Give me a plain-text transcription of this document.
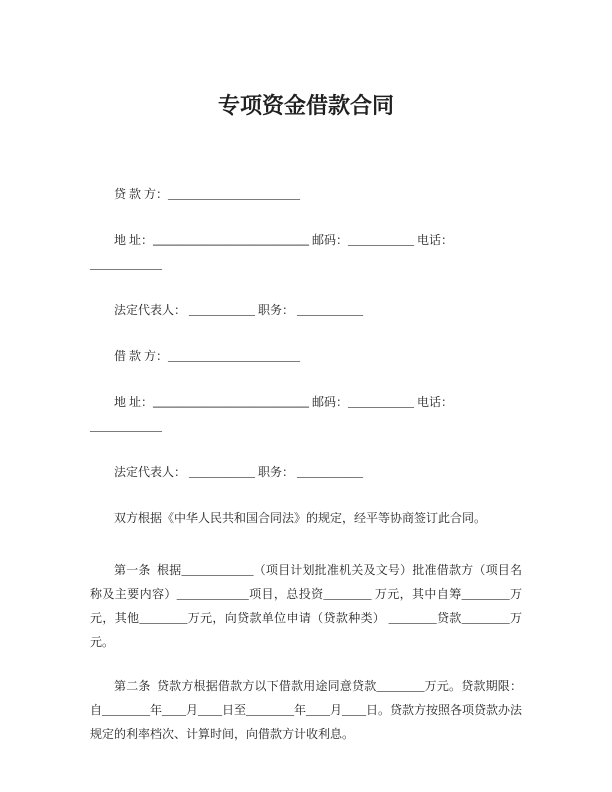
专项资金借款合同

贷 款 方：______________________

地 址：__________________________ 邮码：___________ 电话： ____________

法定代表人： ___________ 职务： ___________

借 款 方：______________________

地 址：__________________________ 邮码：___________ 电话： ____________

法定代表人： ___________ 职务： ___________

双方根据《中华人民共和国合同法》的规定，经平等协商签订此合同。

第一条  根据____________（项目计划批准机关及文号）批准借款方（项目名称及主要内容）____________项目，总投资________ 万元，其中自筹________万元，其他________万元，向贷款单位申请（贷款种类） ________贷款________万元。

第二条  贷款方根据借款方以下借款用途同意贷款________万元。贷款期限：自________年____月____日至________年____月____日。贷款方按照各项贷款办法规定的利率档次、计算时间，向借款方计收利息。
